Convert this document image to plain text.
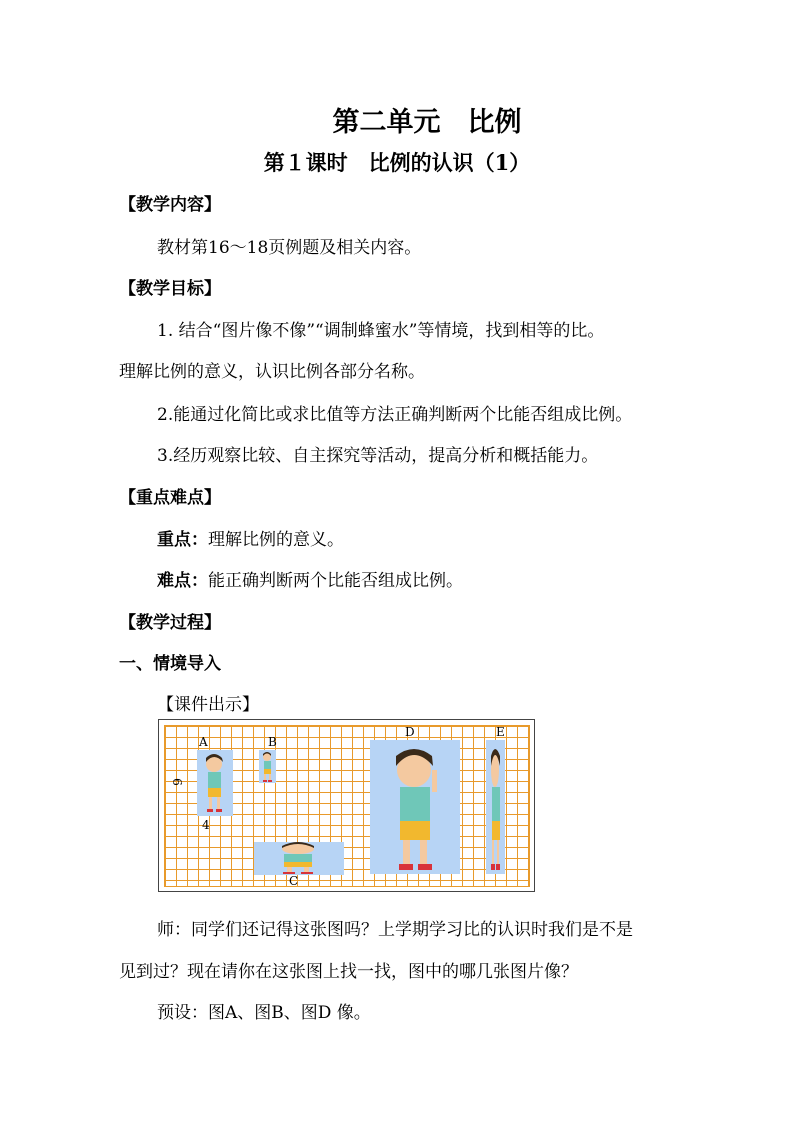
第二单元　比例
第１课时　比例的认识（1）
【教学内容】
教材第16～18页例题及相关内容。
【教学目标】
1. 结合“图片像不像”“调制蜂蜜水”等情境，找到相等的比。
理解比例的意义，认识比例各部分名称。
2.能通过化简比或求比值等方法正确判断两个比能否组成比例。
3.经历观察比较、自主探究等活动，提高分析和概括能力。
【重点难点】
重点：理解比例的意义。
难点：能正确判断两个比能否组成比例。
【教学过程】
一、情境导入
【课件出示】
A	B
C
D	E
6
4
师：同学们还记得这张图吗？上学期学习比的认识时我们是不是
见到过？现在请你在这张图上找一找，图中的哪几张图片像？
预设：图A、图B、图D 像。
